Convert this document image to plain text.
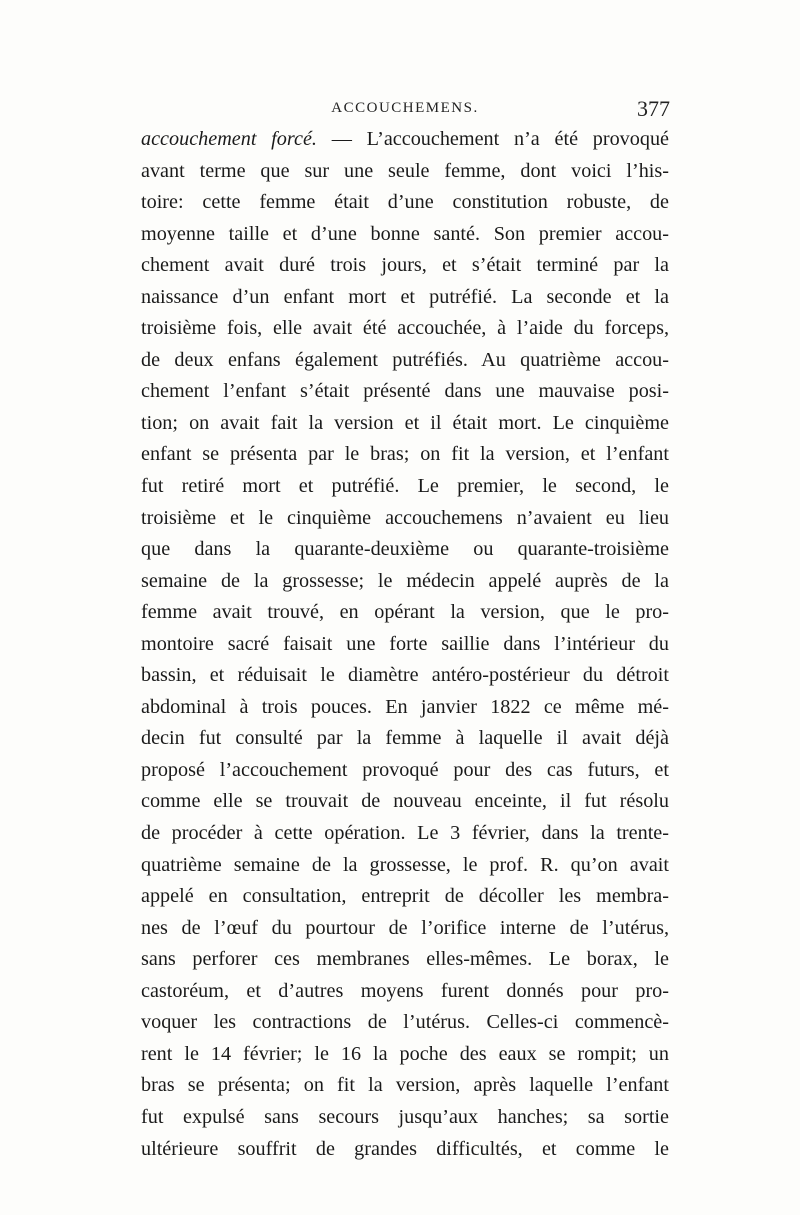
ACCOUCHEMENS.	377
accouchement forcé. — L’accouchement n’a été provoqué
avant terme que sur une seule femme, dont voici l’his-
toire: cette femme était d’une constitution robuste, de
moyenne taille et d’une bonne santé. Son premier accou-
chement avait duré trois jours, et s’était terminé par la
naissance d’un enfant mort et putréfié. La seconde et la
troisième fois, elle avait été accouchée, à l’aide du forceps,
de deux enfans également putréfiés. Au quatrième accou-
chement l’enfant s’était présenté dans une mauvaise posi-
tion; on avait fait la version et il était mort. Le cinquième
enfant se présenta par le bras; on fit la version, et l’enfant
fut retiré mort et putréfié. Le premier, le second, le
troisième et le cinquième accouchemens n’avaient eu lieu
que dans la quarante-deuxième ou quarante-troisième
semaine de la grossesse; le médecin appelé auprès de la
femme avait trouvé, en opérant la version, que le pro-
montoire sacré faisait une forte saillie dans l’intérieur du
bassin, et réduisait le diamètre antéro-postérieur du détroit
abdominal à trois pouces. En janvier 1822 ce même mé-
decin fut consulté par la femme à laquelle il avait déjà
proposé l’accouchement provoqué pour des cas futurs, et
comme elle se trouvait de nouveau enceinte, il fut résolu
de procéder à cette opération. Le 3 février, dans la trente-
quatrième semaine de la grossesse, le prof. R. qu’on avait
appelé en consultation, entreprit de décoller les membra-
nes de l’œuf du pourtour de l’orifice interne de l’utérus,
sans perforer ces membranes elles-mêmes. Le borax, le
castoréum, et d’autres moyens furent donnés pour pro-
voquer les contractions de l’utérus. Celles-ci commencè-
rent le 14 février; le 16 la poche des eaux se rompit; un
bras se présenta; on fit la version, après laquelle l’enfant
fut expulsé sans secours jusqu’aux hanches; sa sortie
ultérieure souffrit de grandes difficultés, et comme le
